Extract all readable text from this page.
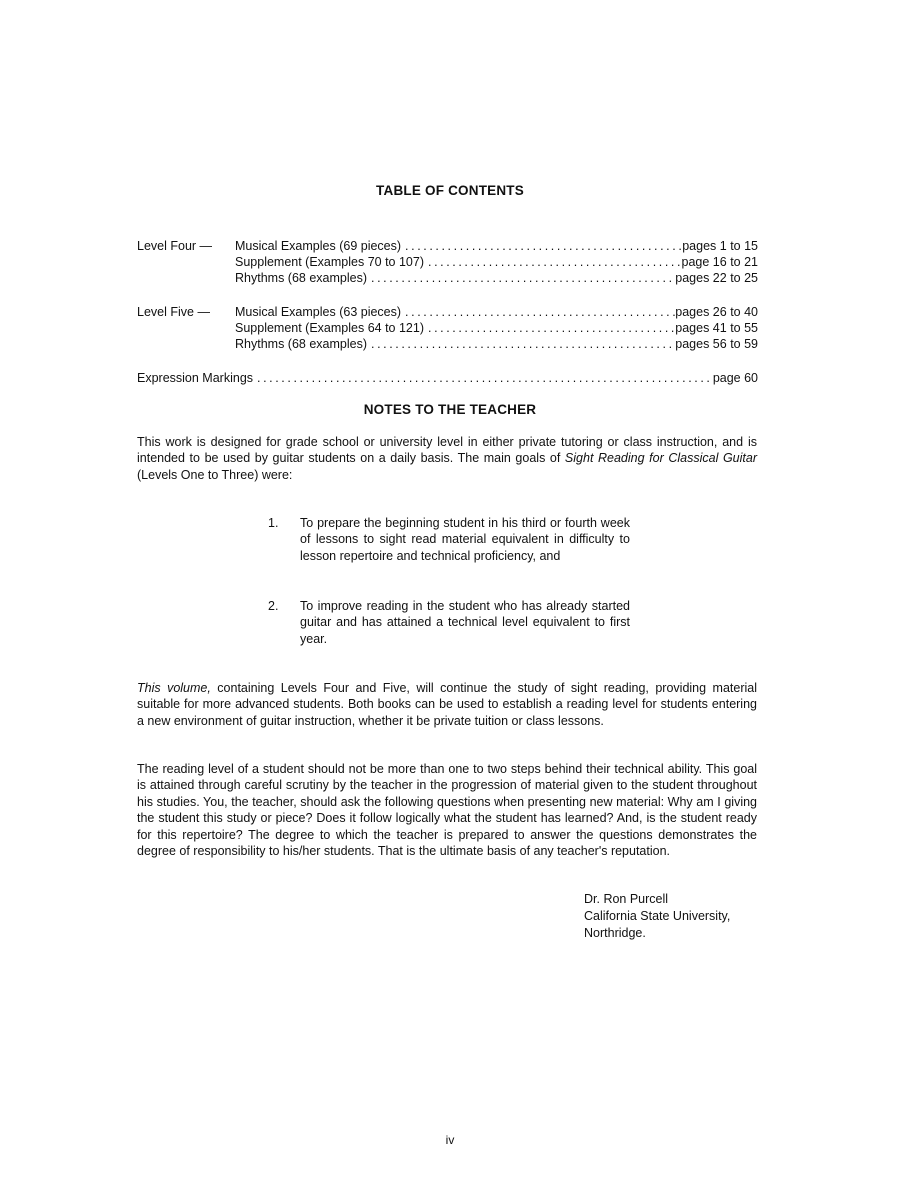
TABLE OF CONTENTS
Level Four — Musical Examples (69 pieces) .....	pages 1 to 15
Supplement (Examples 70 to 107) .....	page 16 to 21
Rhythms (68 examples) .....	pages 22 to 25
Level Five — Musical Examples (63 pieces) .....	pages 26 to 40
Supplement (Examples 64 to 121) .....	pages 41 to 55
Rhythms (68 examples) .....	pages 56 to 59
Expression Markings .....	page 60
NOTES TO THE TEACHER

This work is designed for grade school or university level in either private tutoring or class instruction, and is intended to be used by guitar students on a daily basis. The main goals of Sight Reading for Classical Guitar (Levels One to Three) were:

1. To prepare the beginning student in his third or fourth week of lessons to sight read material equivalent in difficulty to lesson repertoire and technical proficiency, and
2. To improve reading in the student who has already started guitar and has attained a technical level equivalent to first year.

This volume, containing Levels Four and Five, will continue the study of sight reading, providing material suitable for more advanced students. Both books can be used to establish a reading level for students entering a new environment of guitar instruction, whether it be private tuition or class lessons.

The reading level of a student should not be more than one to two steps behind their technical ability. This goal is attained through careful scrutiny by the teacher in the progression of material given to the student throughout his studies. You, the teacher, should ask the following questions when presenting new material: Why am I giving the student this study or piece? Does it follow logically what the student has learned? And, is the student ready for this repertoire? The degree to which the teacher is prepared to answer the questions demonstrates the degree of responsibility to his/her students. That is the ultimate basis of any teacher's reputation.

Dr. Ron Purcell
California State University,
Northridge.
iv
